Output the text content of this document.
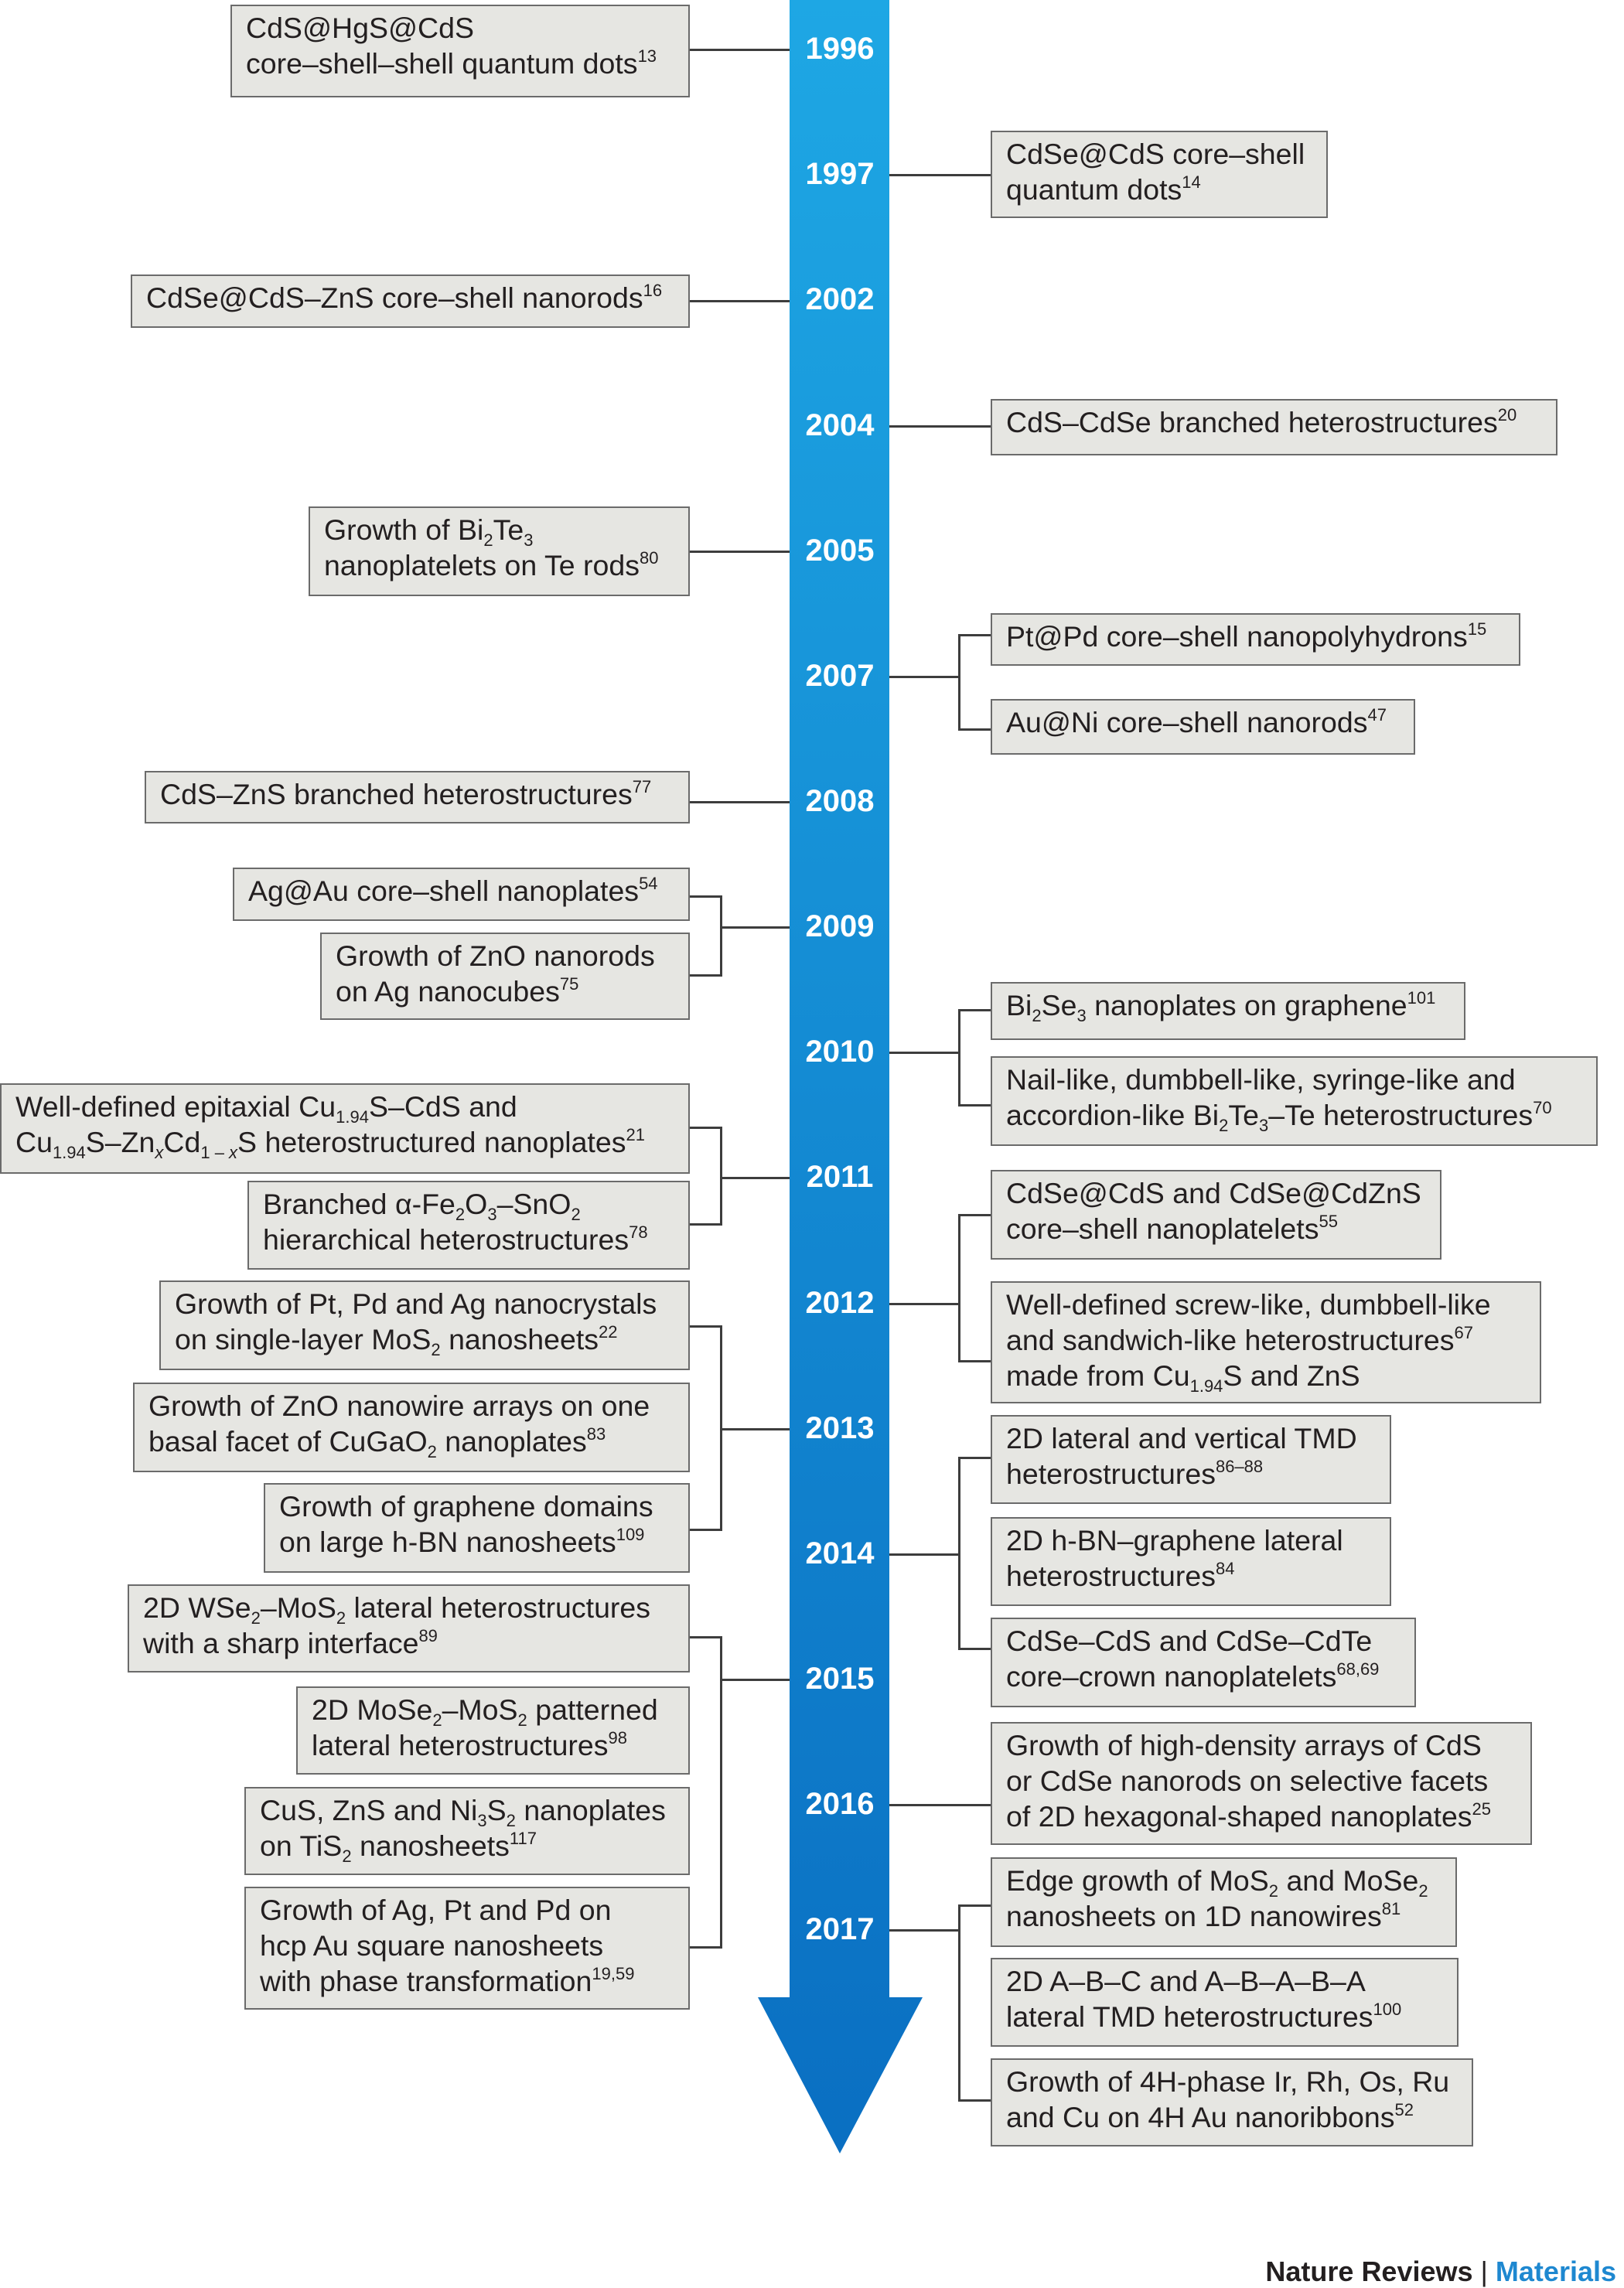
1996
1997
2002
2004
2005
2007
2008
2009
2010
2011
2012
2013
2014
2015
2016
2017
CdS@HgS@CdS
core–shell–shell quantum dots$^{13}$
CdSe@CdS core–shell
quantum dots$^{14}$
CdSe@CdS–ZnS core–shell nanorods$^{16}$
CdS–CdSe branched heterostructures$^{20}$
Growth of $Bi_2Te_3$
nanoplatelets on Te rods$^{80}$
Pt@Pd core–shell nanopolyhydrons$^{15}$
Au@Ni core–shell nanorods$^{47}$
CdS–ZnS branched heterostructures$^{77}$
Ag@Au core–shell nanoplates$^{54}$
Growth of ZnO nanorods
on Ag nanocubes$^{75}$
$Bi_2Se_3$ nanoplates on graphene$^{101}$
Nail-like, dumbbell-like, syringe-like and
accordion-like $Bi_2Te_3-Te$ heterostructures$^{70}$
Well-defined epitaxial $Cu_{1.94}S$–CdS and
$Cu_{1.94}S-Zn_xCd_{1 - x}S$ heterostructured nanoplates$^{21}$
Branched $\alpha-Fe_2O_3-SnO_2$
hierarchical heterostructures$^{78}$
CdSe@CdS and CdSe@CdZnS
core–shell nanoplatelets$^{55}$
Well-defined screw-like, dumbbell-like
and sandwich-like heterostructures$^{67}$
made from $Cu_{1.94}S$ and ZnS
Growth of Pt, Pd and Ag nanocrystals
on single-layer MoS$_2$ nanosheets$^{22}$
Growth of ZnO nanowire arrays on one
basal facet of CuGaO$_2$ nanoplates$^{83}$
Growth of graphene domains
on large h-BN nanosheets$^{109}$
2D lateral and vertical TMD
heterostructures$^{86-88}$
2D h-BN–graphene lateral
heterostructures$^{84}$
CdSe–CdS and CdSe–CdTe
core–crown nanoplatelets$^{68,69}$
2D WSe$_2$–MoS$_2$ lateral heterostructures
with a sharp interface$^{89}$
2D MoSe$_2$–MoS$_2$ patterned
lateral heterostructures$^{98}$
CuS, ZnS and $Ni_3S_2$ nanoplates
on TiS$_2$ nanosheets$^{117}$
Growth of Ag, Pt and Pd on
hcp Au square nanosheets
with phase transformation$^{19,59}$
Growth of high-density arrays of CdS
or CdSe nanorods on selective facets
of 2D hexagonal-shaped nanoplates$^{25}$
Edge growth of MoS$_2$ and MoSe$_2$
nanosheets on 1D nanowires$^{81}$
2D A–B–C and A–B–A–B–A
lateral TMD heterostructures$^{100}$
Growth of 4H-phase Ir, Rh, Os, Ru
and Cu on 4H Au nanoribbons$^{52}$
Nature Reviews | Materials
